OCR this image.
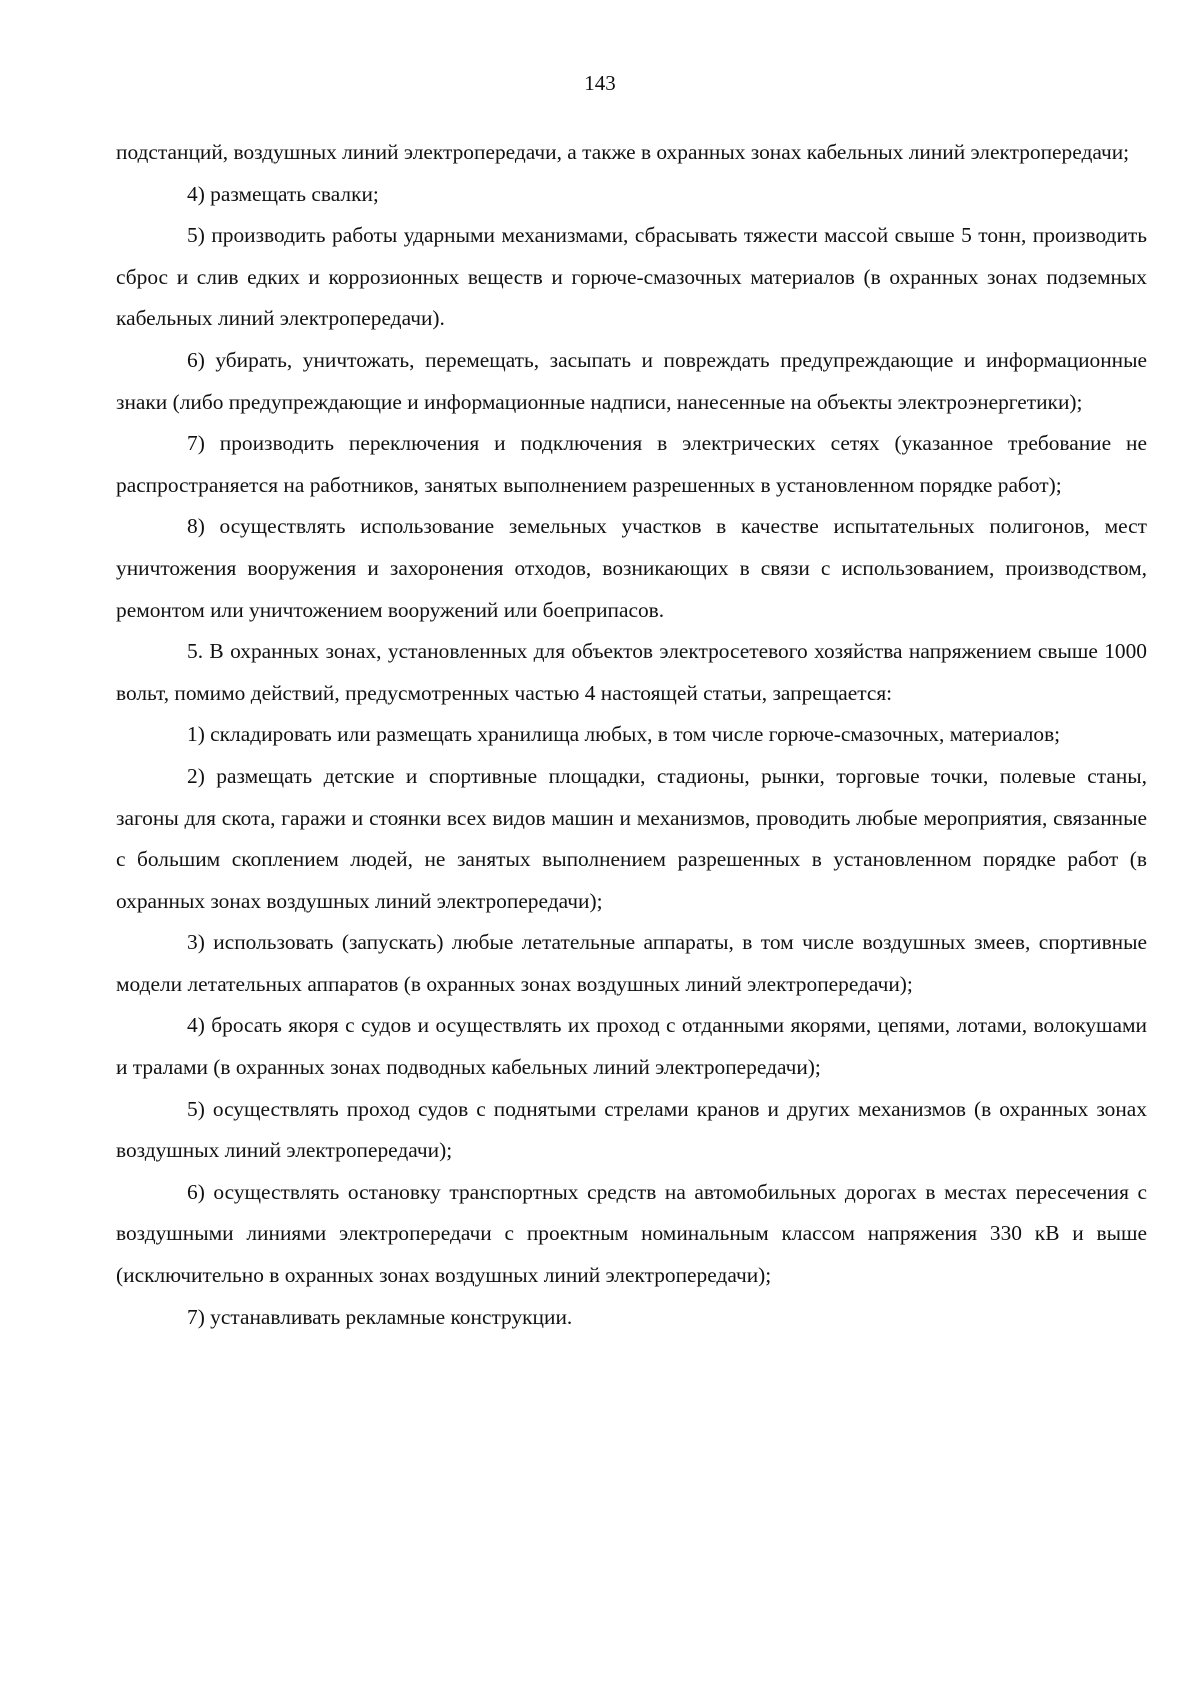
143

подстанций, воздушных линий электропередачи, а также в охранных зонах кабельных линий электропередачи;

4) размещать свалки;

5) производить работы ударными механизмами, сбрасывать тяжести массой свыше 5 тонн, производить сброс и слив едких и коррозионных веществ и горюче-смазочных материалов (в охранных зонах подземных кабельных линий электропередачи).

6) убирать, уничтожать, перемещать, засыпать и повреждать предупреждающие и информационные знаки (либо предупреждающие и информационные надписи, нанесенные на объекты электроэнергетики);

7) производить переключения и подключения в электрических сетях (указанное требование не распространяется на работников, занятых выполнением разрешенных в установленном порядке работ);

8) осуществлять использование земельных участков в качестве испытательных полигонов, мест уничтожения вооружения и захоронения отходов, возникающих в связи с использованием, производством, ремонтом или уничтожением вооружений или боеприпасов.

5. В охранных зонах, установленных для объектов электросетевого хозяйства напряжением свыше 1000 вольт, помимо действий, предусмотренных частью 4 настоящей статьи, запрещается:

1) складировать или размещать хранилища любых, в том числе горюче-смазочных, материалов;

2) размещать детские и спортивные площадки, стадионы, рынки, торговые точки, полевые станы, загоны для скота, гаражи и стоянки всех видов машин и механизмов, проводить любые мероприятия, связанные с большим скоплением людей, не занятых выполнением разрешенных в установленном порядке работ (в охранных зонах воздушных линий электропередачи);

3) использовать (запускать) любые летательные аппараты, в том числе воздушных змеев, спортивные модели летательных аппаратов (в охранных зонах воздушных линий электропередачи);

4) бросать якоря с судов и осуществлять их проход с отданными якорями, цепями, лотами, волокушами и тралами (в охранных зонах подводных кабельных линий электропередачи);

5) осуществлять проход судов с поднятыми стрелами кранов и других механизмов (в охранных зонах воздушных линий электропередачи);

6) осуществлять остановку транспортных средств на автомобильных дорогах в местах пересечения с воздушными линиями электропередачи с проектным номинальным классом напряжения 330 кВ и выше (исключительно в охранных зонах воздушных линий электропередачи);

7) устанавливать рекламные конструкции.
